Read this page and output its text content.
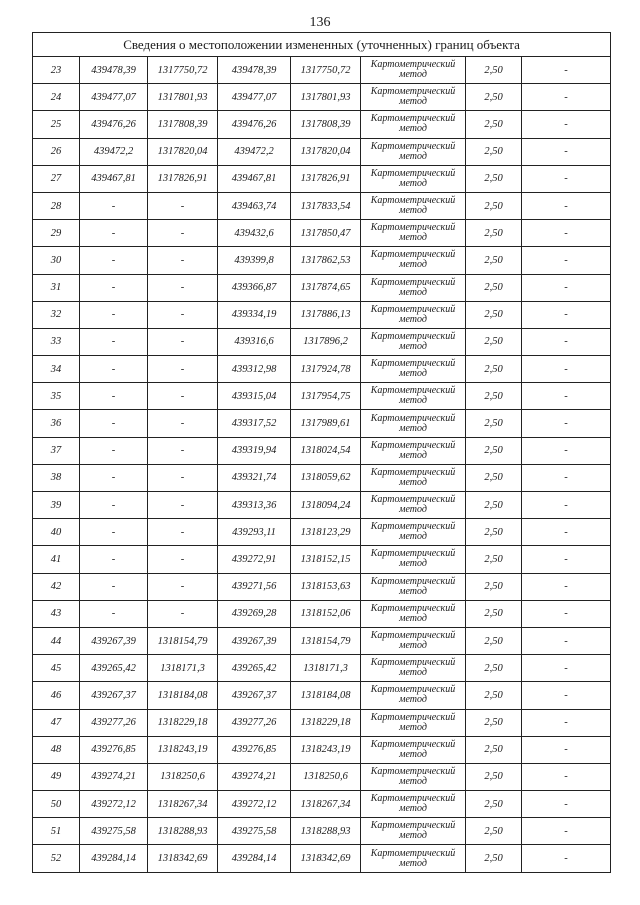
136
Сведения о местоположении измененных (уточненных) границ объекта							
23	439478,39	1317750,72	439478,39	1317750,72	Картометрический метод	2,50	-
24	439477,07	1317801,93	439477,07	1317801,93	Картометрический метод	2,50	-
25	439476,26	1317808,39	439476,26	1317808,39	Картометрический метод	2,50	-
26	439472,2	1317820,04	439472,2	1317820,04	Картометрический метод	2,50	-
27	439467,81	1317826,91	439467,81	1317826,91	Картометрический метод	2,50	-
28	-	-	439463,74	1317833,54	Картометрический метод	2,50	-
29	-	-	439432,6	1317850,47	Картометрический метод	2,50	-
30	-	-	439399,8	1317862,53	Картометрический метод	2,50	-
31	-	-	439366,87	1317874,65	Картометрический метод	2,50	-
32	-	-	439334,19	1317886,13	Картометрический метод	2,50	-
33	-	-	439316,6	1317896,2	Картометрический метод	2,50	-
34	-	-	439312,98	1317924,78	Картометрический метод	2,50	-
35	-	-	439315,04	1317954,75	Картометрический метод	2,50	-
36	-	-	439317,52	1317989,61	Картометрический метод	2,50	-
37	-	-	439319,94	1318024,54	Картометрический метод	2,50	-
38	-	-	439321,74	1318059,62	Картометрический метод	2,50	-
39	-	-	439313,36	1318094,24	Картометрический метод	2,50	-
40	-	-	439293,11	1318123,29	Картометрический метод	2,50	-
41	-	-	439272,91	1318152,15	Картометрический метод	2,50	-
42	-	-	439271,56	1318153,63	Картометрический метод	2,50	-
43	-	-	439269,28	1318152,06	Картометрический метод	2,50	-
44	439267,39	1318154,79	439267,39	1318154,79	Картометрический метод	2,50	-
45	439265,42	1318171,3	439265,42	1318171,3	Картометрический метод	2,50	-
46	439267,37	1318184,08	439267,37	1318184,08	Картометрический метод	2,50	-
47	439277,26	1318229,18	439277,26	1318229,18	Картометрический метод	2,50	-
48	439276,85	1318243,19	439276,85	1318243,19	Картометрический метод	2,50	-
49	439274,21	1318250,6	439274,21	1318250,6	Картометрический метод	2,50	-
50	439272,12	1318267,34	439272,12	1318267,34	Картометрический метод	2,50	-
51	439275,58	1318288,93	439275,58	1318288,93	Картометрический метод	2,50	-
52	439284,14	1318342,69	439284,14	1318342,69	Картометрический метод	2,50	-
